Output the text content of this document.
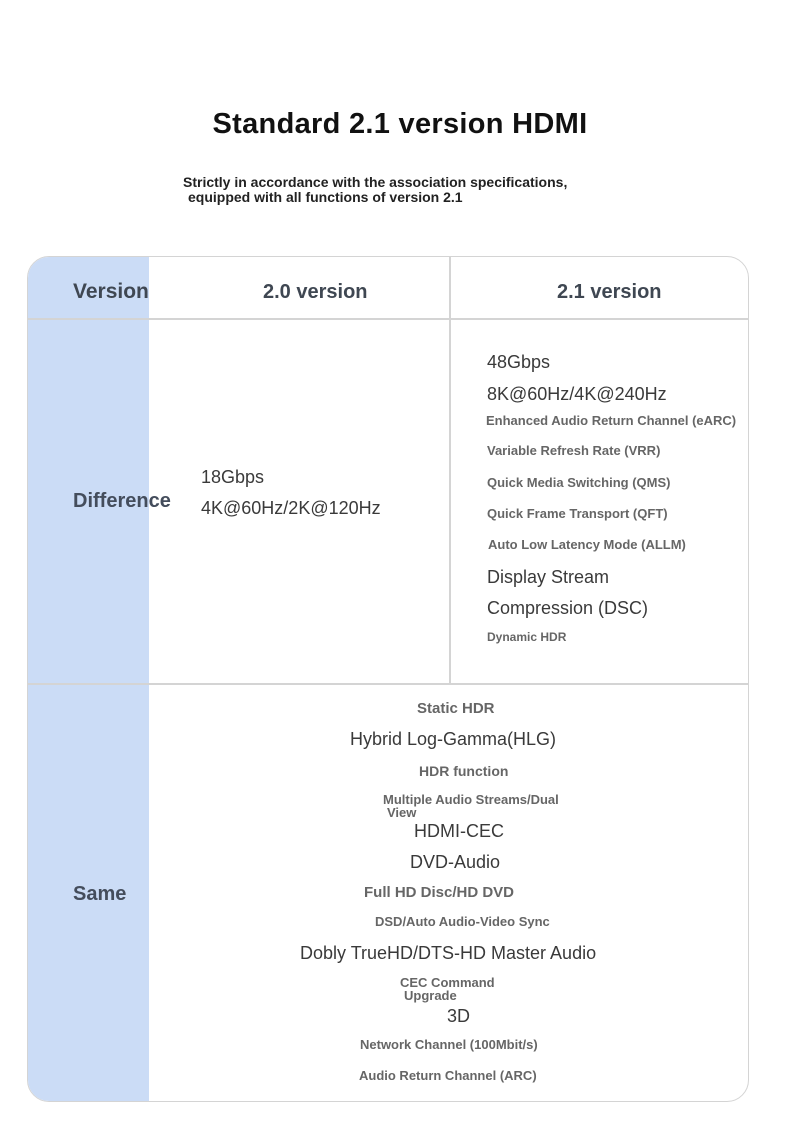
Standard 2.1 version HDMI
Strictly in accordance with the association specifications,
equipped with all functions of version 2.1
Version	2.0 version	2.1 version
Difference
18Gbps
4K@60Hz/2K@120Hz
48Gbps
8K@60Hz/4K@240Hz
Enhanced Audio Return Channel (eARC)
Variable Refresh Rate (VRR)
Quick Media Switching (QMS)
Quick Frame Transport (QFT)
Auto Low Latency Mode (ALLM)
Display Stream
Compression (DSC)
Dynamic HDR
Same
Static HDR
Hybrid Log-Gamma(HLG)
HDR function
Multiple Audio Streams/Dual
View
HDMI-CEC
DVD-Audio
Full HD Disc/HD DVD
DSD/Auto Audio-Video Sync
Dobly TrueHD/DTS-HD Master Audio
CEC Command
Upgrade
3D
Network Channel (100Mbit/s)
Audio Return Channel (ARC)
